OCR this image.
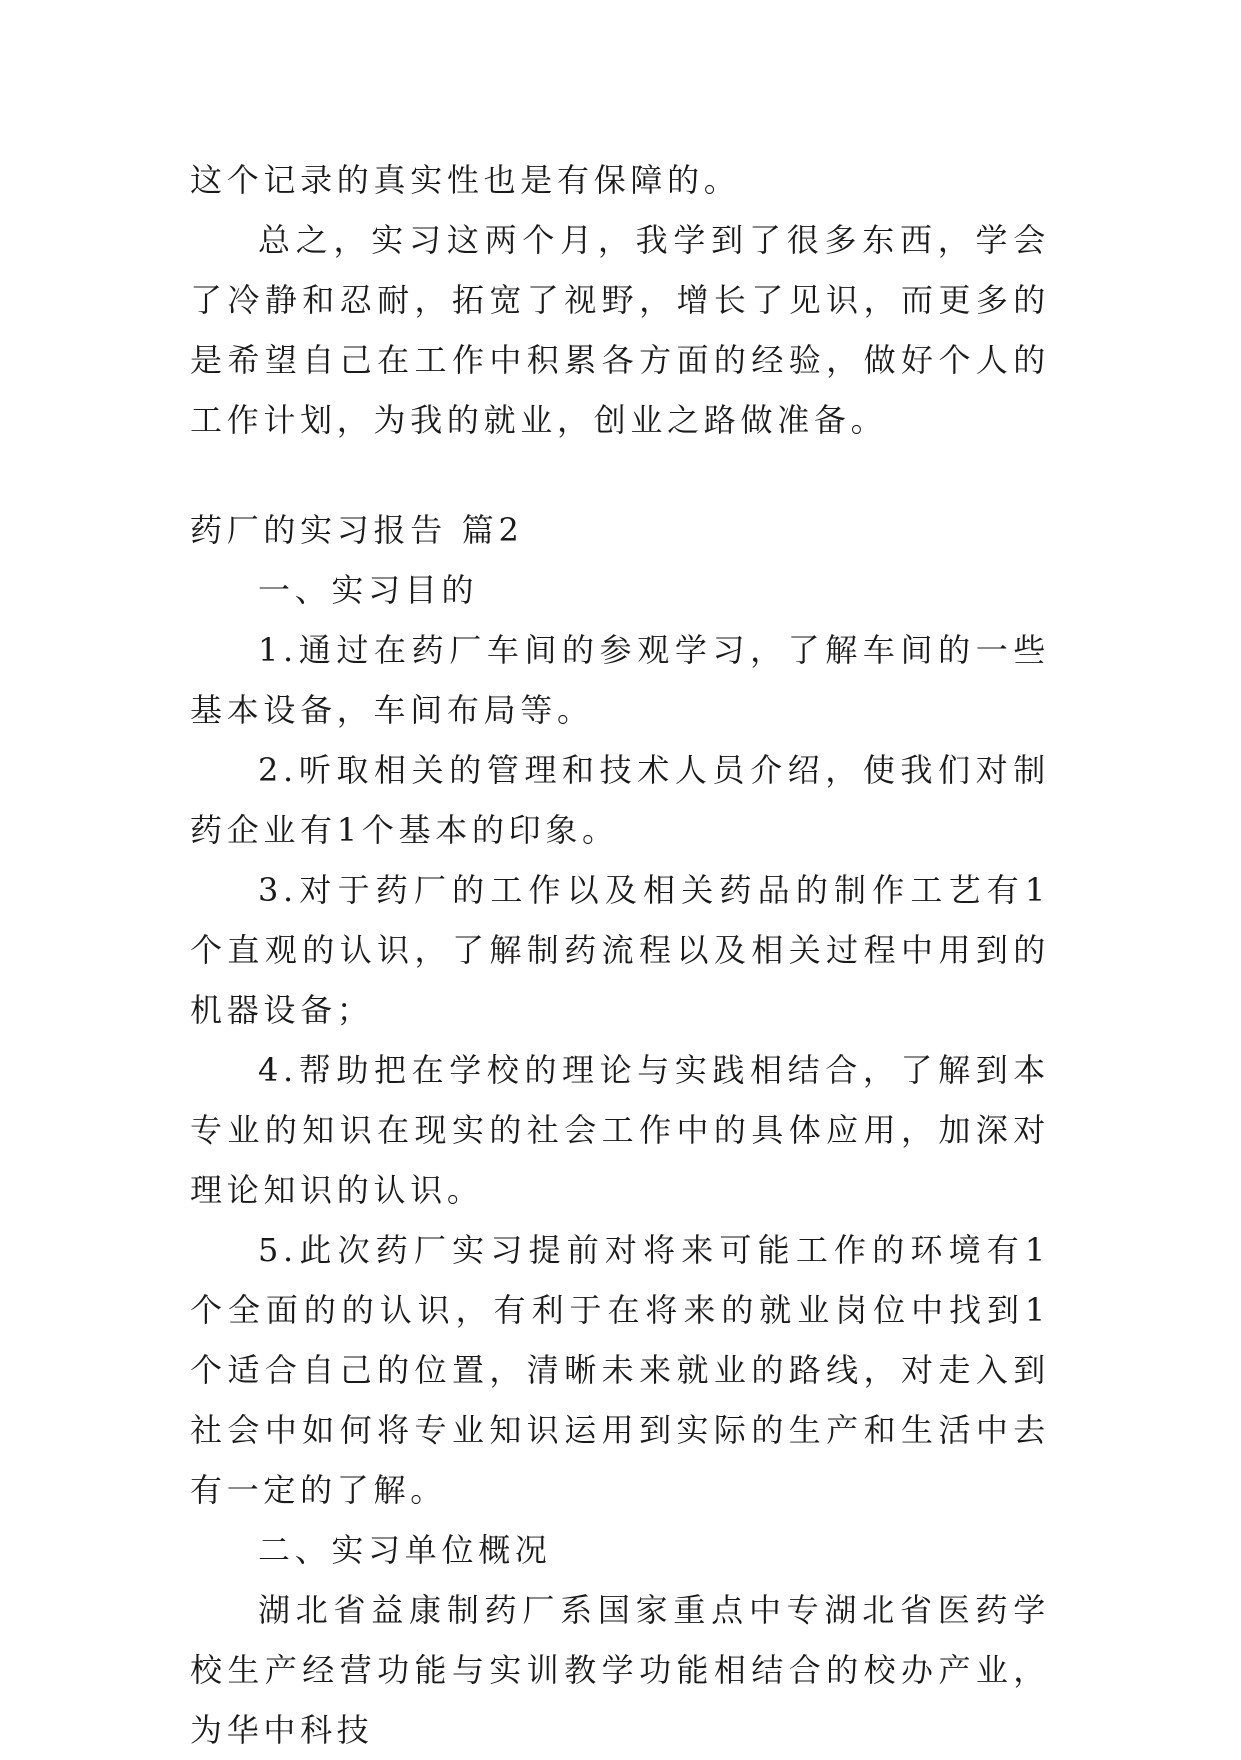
这个记录的真实性也是有保障的。

总之，实习这两个月，我学到了很多东西，学会了冷静和忍耐，拓宽了视野，增长了见识，而更多的是希望自己在工作中积累各方面的经验，做好个人的工作计划，为我的就业，创业之路做准备。

药厂的实习报告 篇2

一、实习目的

1.通过在药厂车间的参观学习，了解车间的一些基本设备，车间布局等。

2.听取相关的管理和技术人员介绍，使我们对制药企业有1个基本的印象。

3.对于药厂的工作以及相关药品的制作工艺有1个直观的认识，了解制药流程以及相关过程中用到的机器设备；

4.帮助把在学校的理论与实践相结合，了解到本专业的知识在现实的社会工作中的具体应用，加深对理论知识的认识。

5.此次药厂实习提前对将来可能工作的环境有1个全面的的认识，有利于在将来的就业岗位中找到1个适合自己的位置，清晰未来就业的路线，对走入到社会中如何将专业知识运用到实际的生产和生活中去有一定的了解。

二、实习单位概况

湖北省益康制药厂系国家重点中专湖北省医药学校生产经营功能与实训教学功能相结合的校办产业，为华中科技
